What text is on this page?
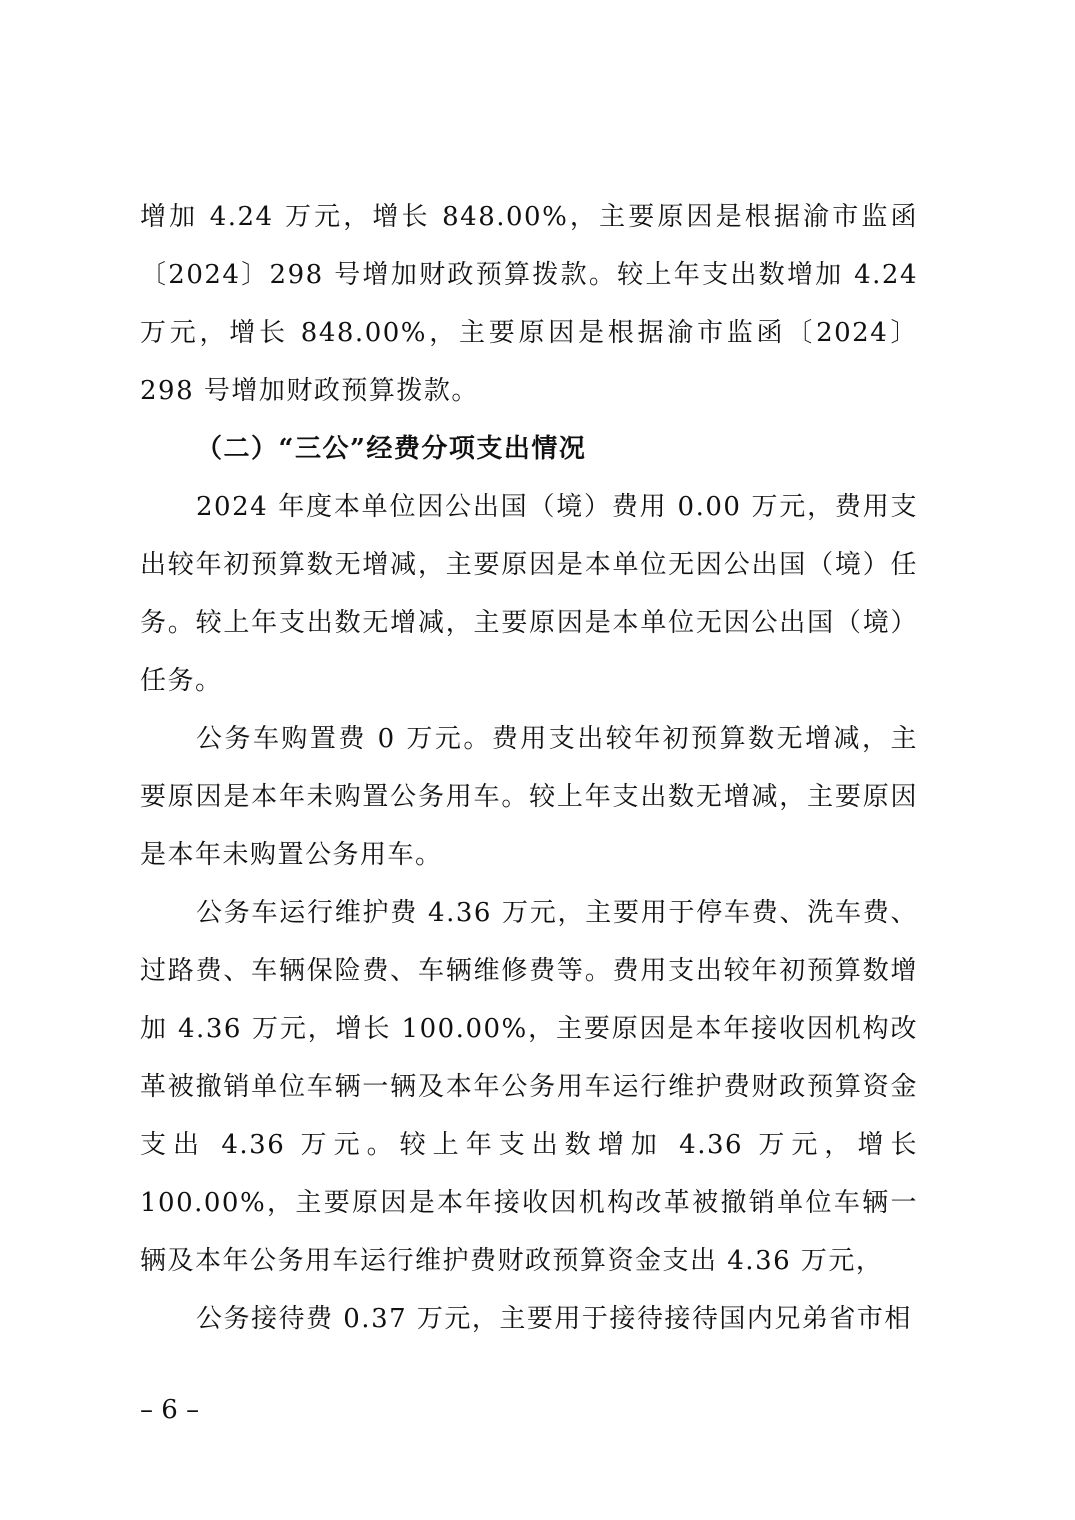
增加 4.24 万元，增长 848.00%，主要原因是根据渝市监函〔2024〕298 号增加财政预算拨款。较上年支出数增加 4.24 万元，增长 848.00%，主要原因是根据渝市监函〔2024〕298 号增加财政预算拨款。

（二）“三公”经费分项支出情况

2024 年度本单位因公出国（境）费用 0.00 万元，费用支出较年初预算数无增减，主要原因是本单位无因公出国（境）任务。较上年支出数无增减，主要原因是本单位无因公出国（境）任务。

公务车购置费 0 万元。费用支出较年初预算数无增减，主要原因是本年未购置公务用车。较上年支出数无增减，主要原因是本年未购置公务用车。

公务车运行维护费 4.36 万元，主要用于停车费、洗车费、过路费、车辆保险费、车辆维修费等。费用支出较年初预算数增加 4.36 万元，增长 100.00%，主要原因是本年接收因机构改革被撤销单位车辆一辆及本年公务用车运行维护费财政预算资金支出 4.36 万元。较上年支出数增加 4.36 万元，增长 100.00%，主要原因是本年接收因机构改革被撤销单位车辆一辆及本年公务用车运行维护费财政预算资金支出 4.36 万元，

公务接待费 0.37 万元，主要用于接待接待国内兄弟省市相

– 6 –
